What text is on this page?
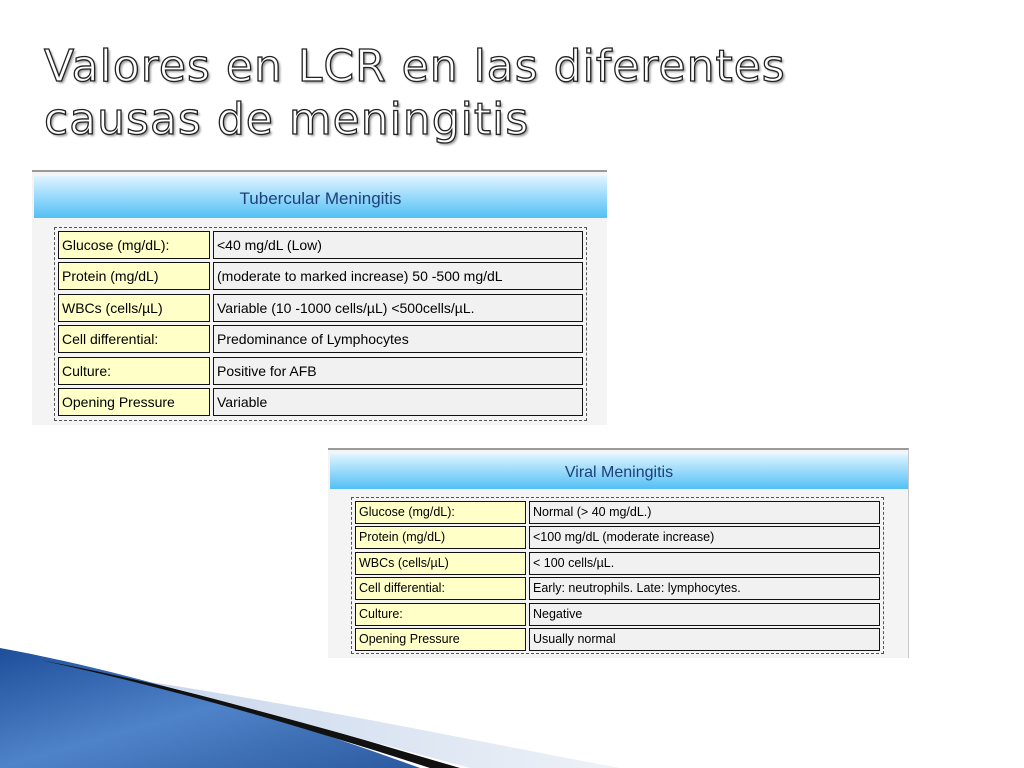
Valores en LCR en las diferentes
causas de meningitis
Tubercular Meningitis
Glucose (mg/dL):	<40 mg/dL (Low)
Protein (mg/dL)	(moderate to marked increase) 50 -500 mg/dL
WBCs (cells/µL)	Variable (10 -1000 cells/µL) <500cells/µL.
Cell differential:	Predominance of Lymphocytes
Culture:	Positive for AFB
Opening Pressure	Variable
Viral Meningitis
Glucose (mg/dL):	Normal (> 40 mg/dL.)
Protein (mg/dL)	<100 mg/dL (moderate increase)
WBCs (cells/µL)	< 100 cells/µL.
Cell differential:	Early: neutrophils. Late: lymphocytes.
Culture:	Negative
Opening Pressure	Usually normal
